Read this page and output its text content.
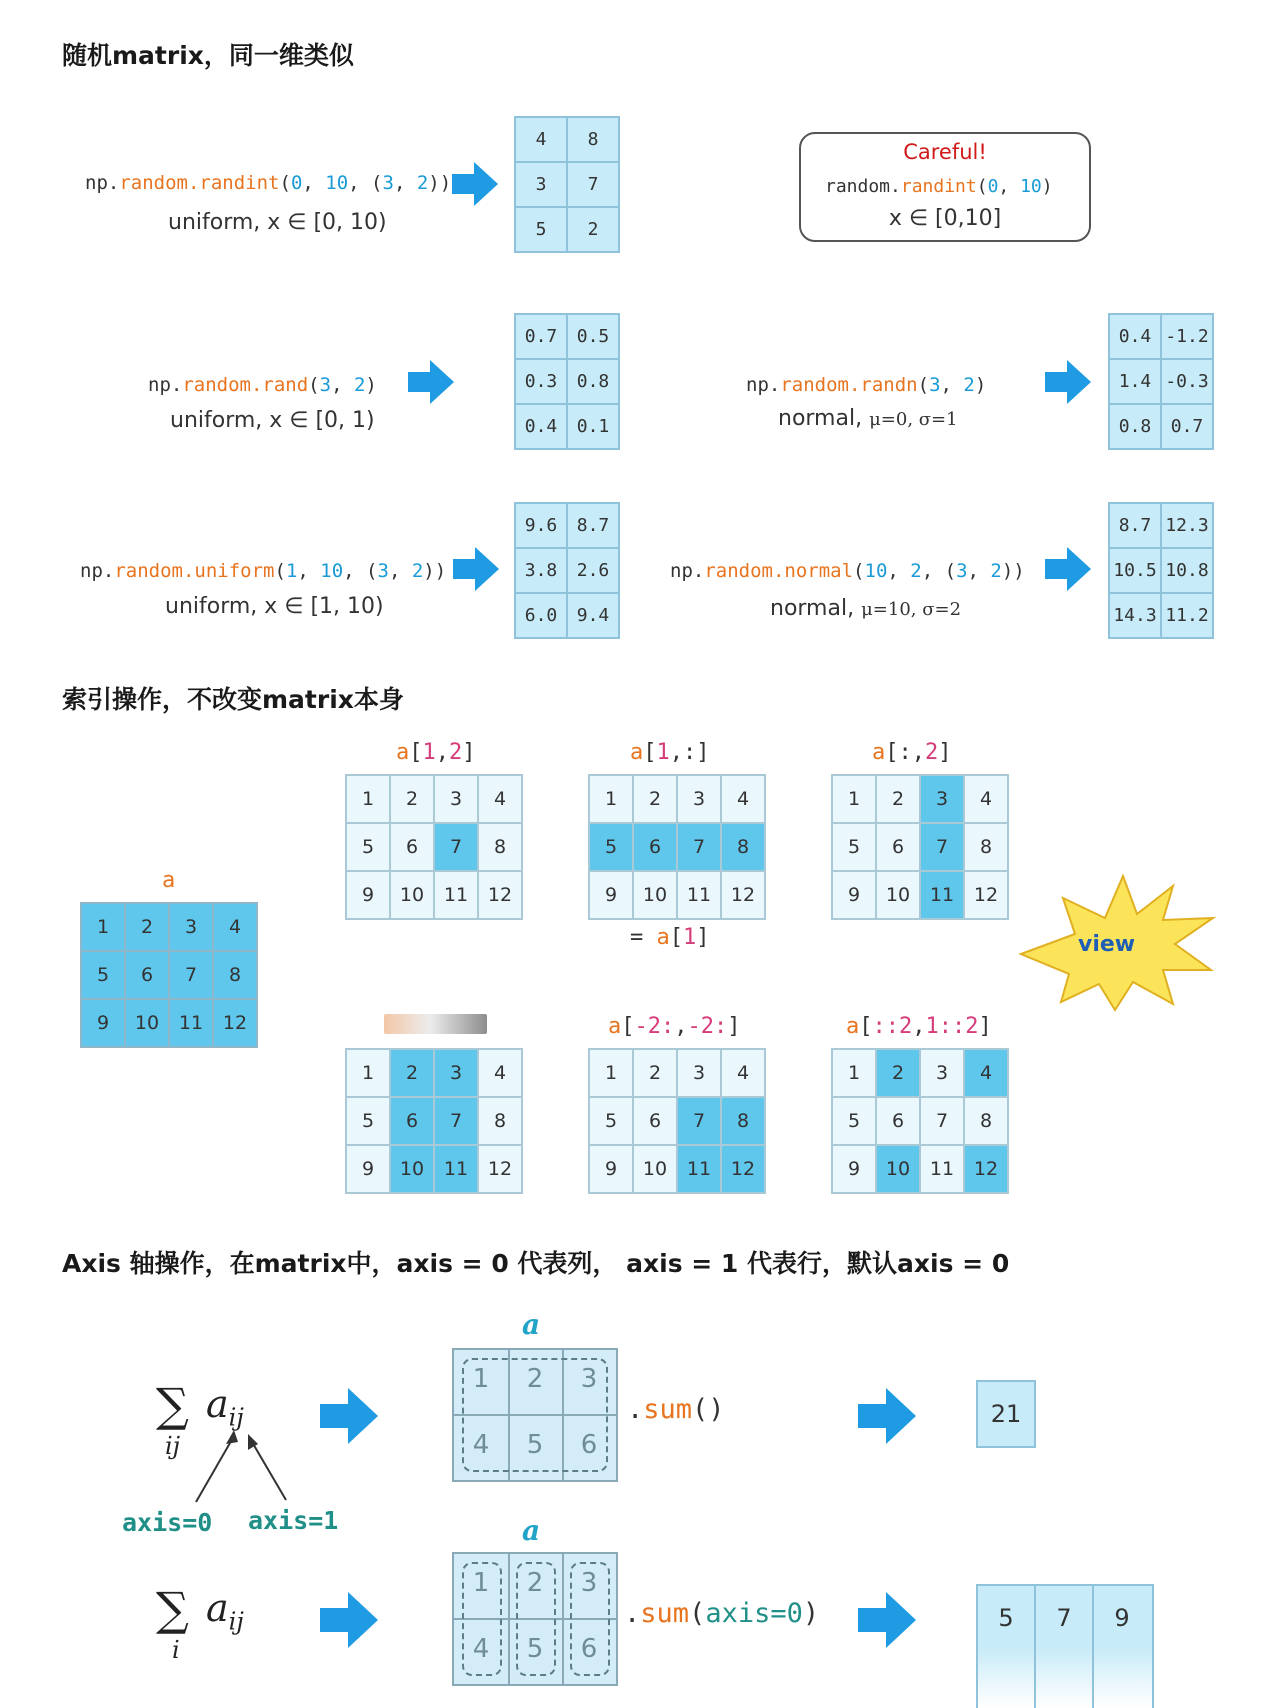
随机matrix，同一维类似
np.random.randint(0, 10, (3, 2))
uniform, x ∈ [0, 10)
4	8
3	7
5	2
Careful!
random.randint(0, 10)
x ∈ [0,10]
np.random.rand(3, 2)
uniform, x ∈ [0, 1)
0.7	0.5
0.3	0.8
0.4	0.1
np.random.randn(3, 2)
normal, μ=0, σ=1
0.4	-1.2
1.4	-0.3
0.8	0.7
np.random.uniform(1, 10, (3, 2))
uniform, x ∈ [1, 10)
9.6	8.7
3.8	2.6
6.0	9.4
np.random.normal(10, 2, (3, 2))
normal, μ=10, σ=2
8.7	12.3
10.5	10.8
14.3	11.2
索引操作，不改变matrix本身
a
1	2	3	4
5	6	7	8
9	10	11	12
a[1,2]
1	2	3	4
5	6	7	8
9	10	11	12
a[1,:]
1	2	3	4
5	6	7	8
9	10	11	12
= a[1]
a[:,2]
1	2	3	4
5	6	7	8
9	10	11	12
view
1	2	3	4
5	6	7	8
9	10	11	12
a[-2:,-2:]
1	2	3	4
5	6	7	8
9	10	11	12
a[::2,1::2]
1	2	3	4
5	6	7	8
9	10	11	12
Axis 轴操作，在matrix中，axis = 0 代表列， axis = 1 代表行，默认axis = 0
∑ $a_{ij}$
ij
axis=0 axis=1
a
1	2	3
4	5	6
.sum()	21
∑ $a_{ij}$
i
a
1	2	3
4	5	6
.sum(axis=0)	5	7	9
